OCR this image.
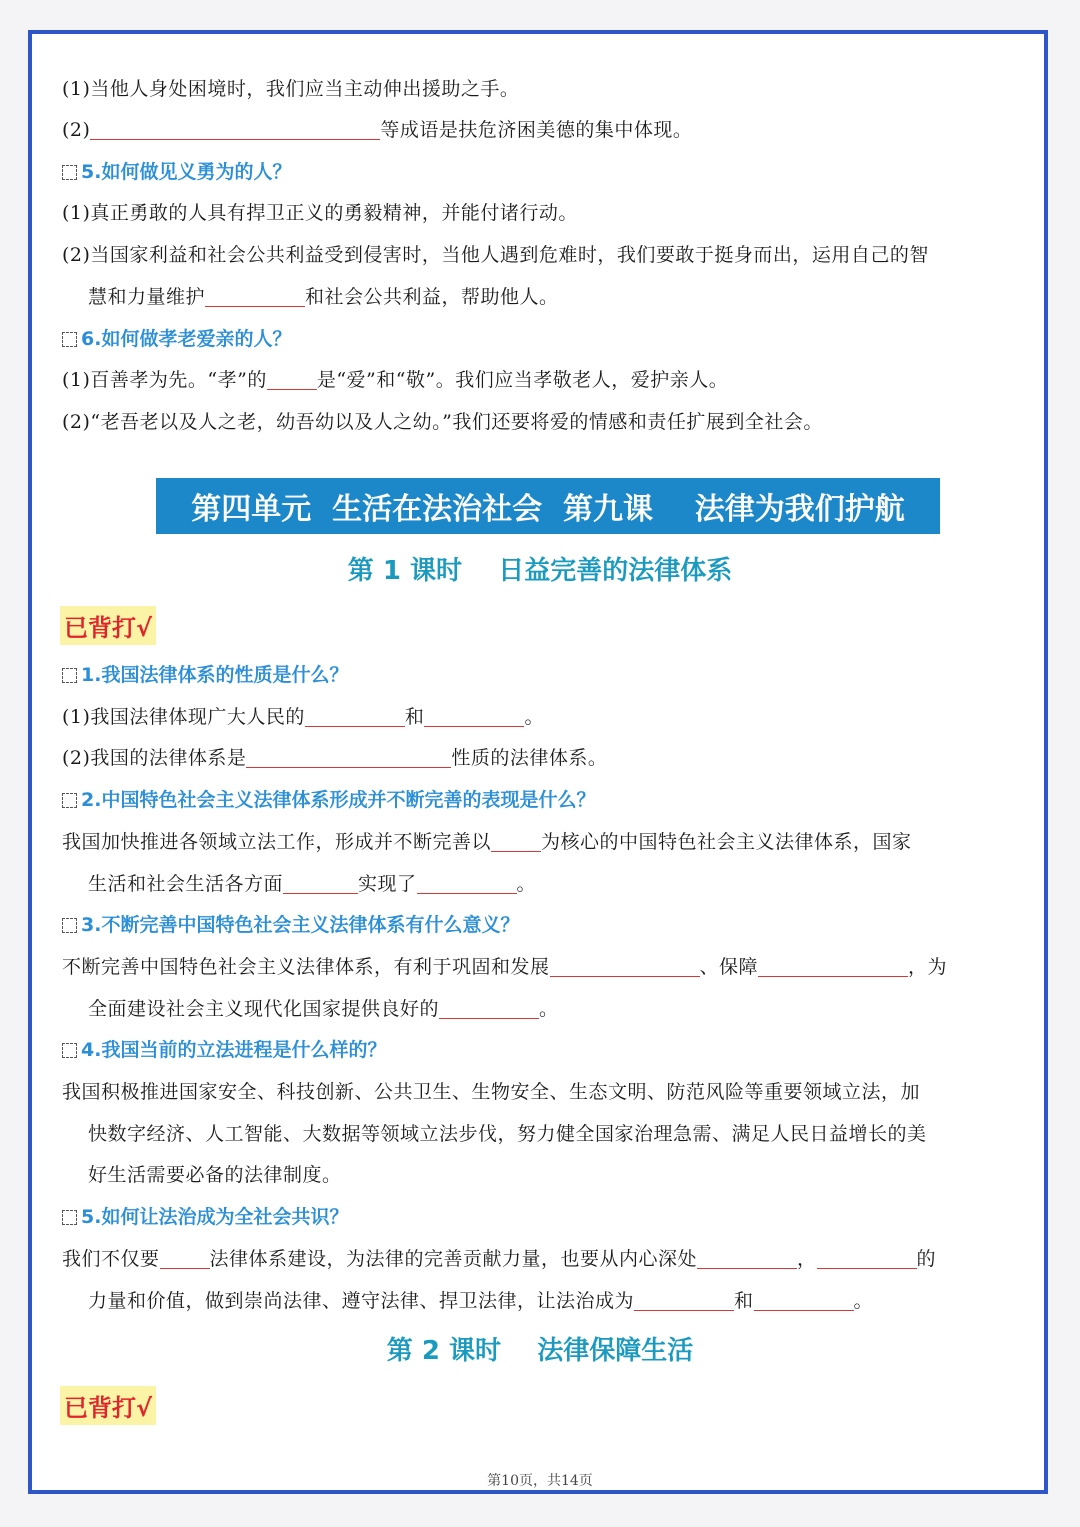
(1)当他人身处困境时，我们应当主动伸出援助之手。
(2)	等成语是扶危济困美德的集中体现。
5.如何做见义勇为的人？
(1)真正勇敢的人具有捍卫正义的勇毅精神，并能付诸行动。
(2)当国家利益和社会公共利益受到侵害时，当他人遇到危难时，我们要敢于挺身而出，运用自己的智
慧和力量维护	和社会公共利益，帮助他人。
6.如何做孝老爱亲的人？
(1)百善孝为先。“孝”的	是“爱”和“敬”。我们应当孝敬老人，爱护亲人。
(2)“老吾老以及人之老，幼吾幼以及人之幼。”我们还要将爱的情感和责任扩展到全社会。
第四单元  生活在法治社会  第九课    法律为我们护航
第 1 课时    日益完善的法律体系
已背打√
1.我国法律体系的性质是什么？
(1)我国法律体现广大人民的	和	。
(2)我国的法律体系是	性质的法律体系。
2.中国特色社会主义法律体系形成并不断完善的表现是什么？
我国加快推进各领域立法工作，形成并不断完善以	为核心的中国特色社会主义法律体系，国家
生活和社会生活各方面	实现了	。
3.不断完善中国特色社会主义法律体系有什么意义？
不断完善中国特色社会主义法律体系，有利于巩固和发展	、保障	，为
全面建设社会主义现代化国家提供良好的	。
4.我国当前的立法进程是什么样的？
我国积极推进国家安全、科技创新、公共卫生、生物安全、生态文明、防范风险等重要领域立法，加
快数字经济、人工智能、大数据等领域立法步伐，努力健全国家治理急需、满足人民日益增长的美
好生活需要必备的法律制度。
5.如何让法治成为全社会共识？
我们不仅要	法律体系建设，为法律的完善贡献力量，也要从内心深处	，	的
力量和价值，做到崇尚法律、遵守法律、捍卫法律，让法治成为	和	。
第 2 课时    法律保障生活
已背打√
第10页，共14页
